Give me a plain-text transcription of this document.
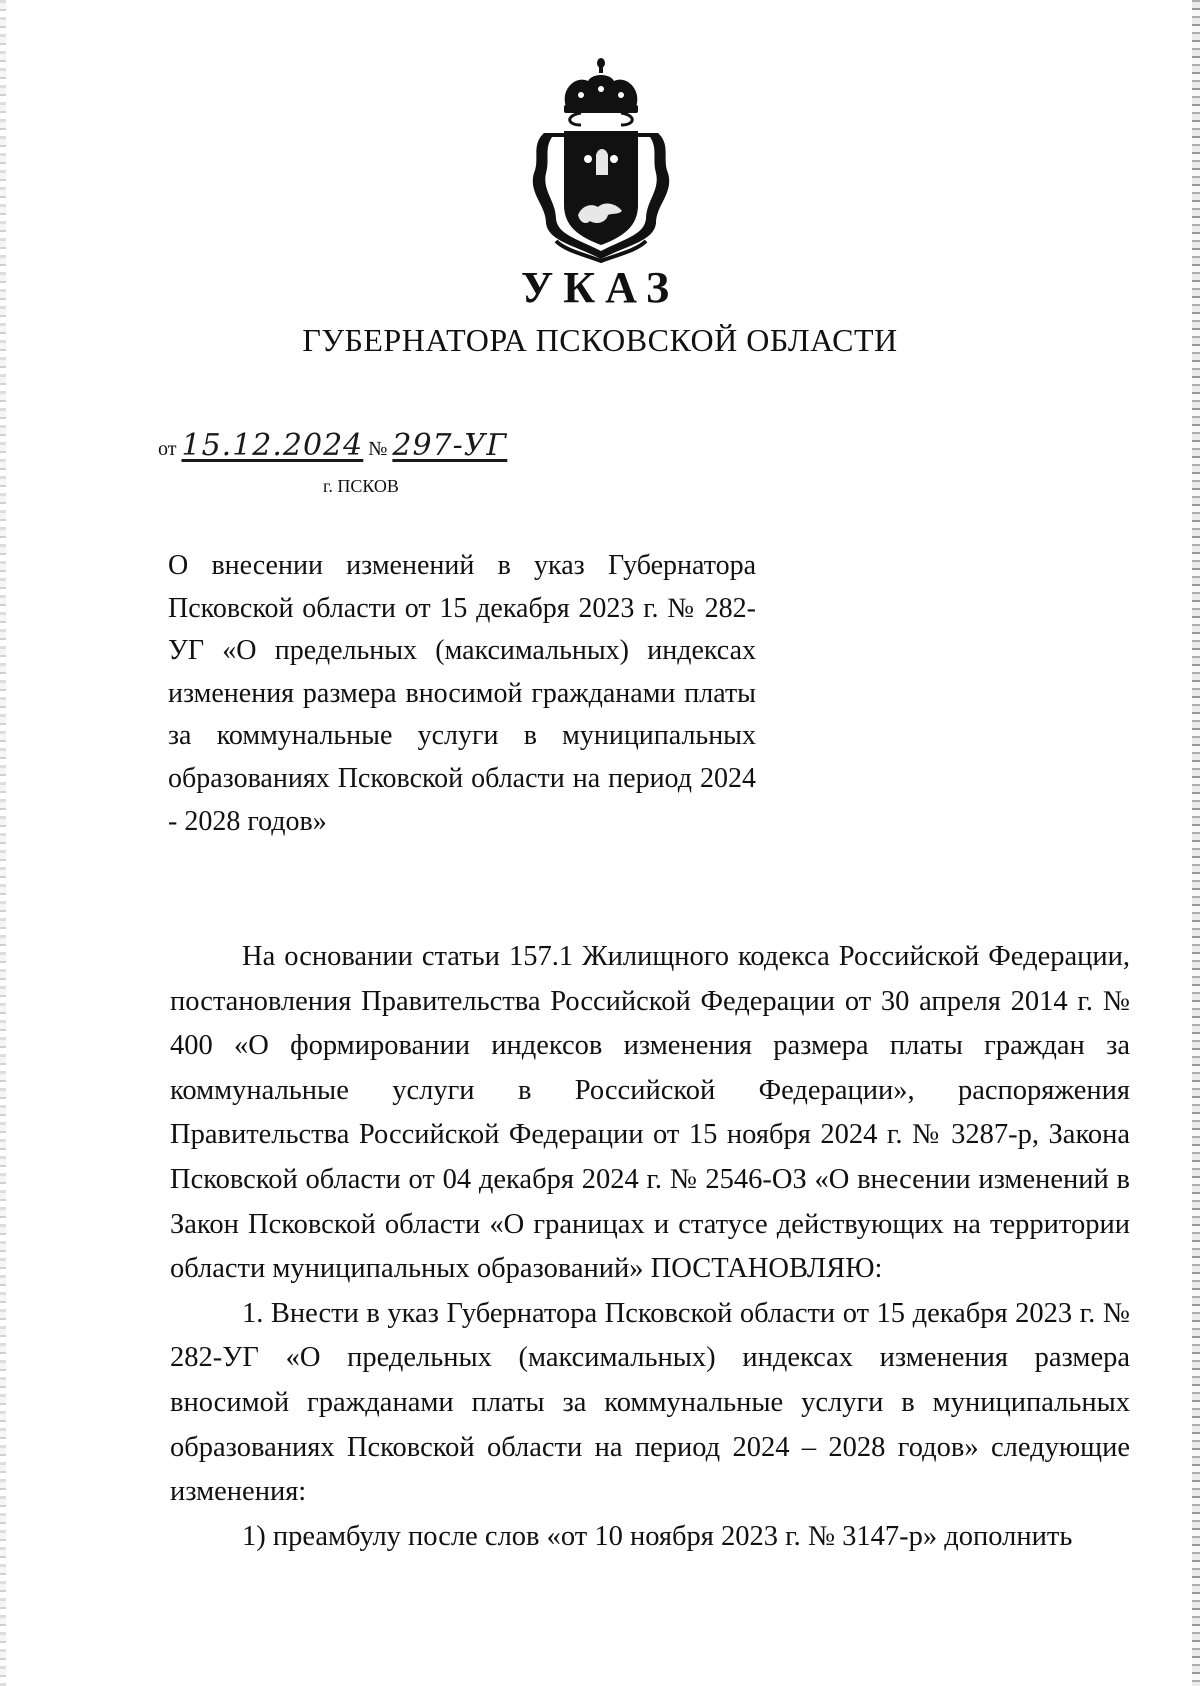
УКАЗ
ГУБЕРНАТОРА ПСКОВСКОЙ ОБЛАСТИ
от 15.12.2024 № 297-УГ
г. ПСКОВ

О внесении изменений в указ Губернатора Псковской области от 15 декабря 2023 г. № 282-УГ «О предельных (максимальных) индексах изменения размера вносимой гражданами платы за коммунальные услуги в муниципальных образованиях Псковской области на период 2024 - 2028 годов»

На основании статьи 157.1 Жилищного кодекса Российской Федерации, постановления Правительства Российской Федерации от 30 апреля 2014 г. № 400 «О формировании индексов изменения размера платы граждан за коммунальные услуги в Российской Федерации», распоряжения Правительства Российской Федерации от 15 ноября 2024 г. № 3287-р, Закона Псковской области от 04 декабря 2024 г. № 2546-ОЗ «О внесении изменений в Закон Псковской области «О границах и статусе действующих на территории области муниципальных образований» ПОСТАНОВЛЯЮ:

1. Внести в указ Губернатора Псковской области от 15 декабря 2023 г. № 282-УГ «О предельных (максимальных) индексах изменения размера вносимой гражданами платы за коммунальные услуги в муниципальных образованиях Псковской области на период 2024 – 2028 годов» следующие изменения:

1) преамбулу после слов «от 10 ноября 2023 г. № 3147-р» дополнить
